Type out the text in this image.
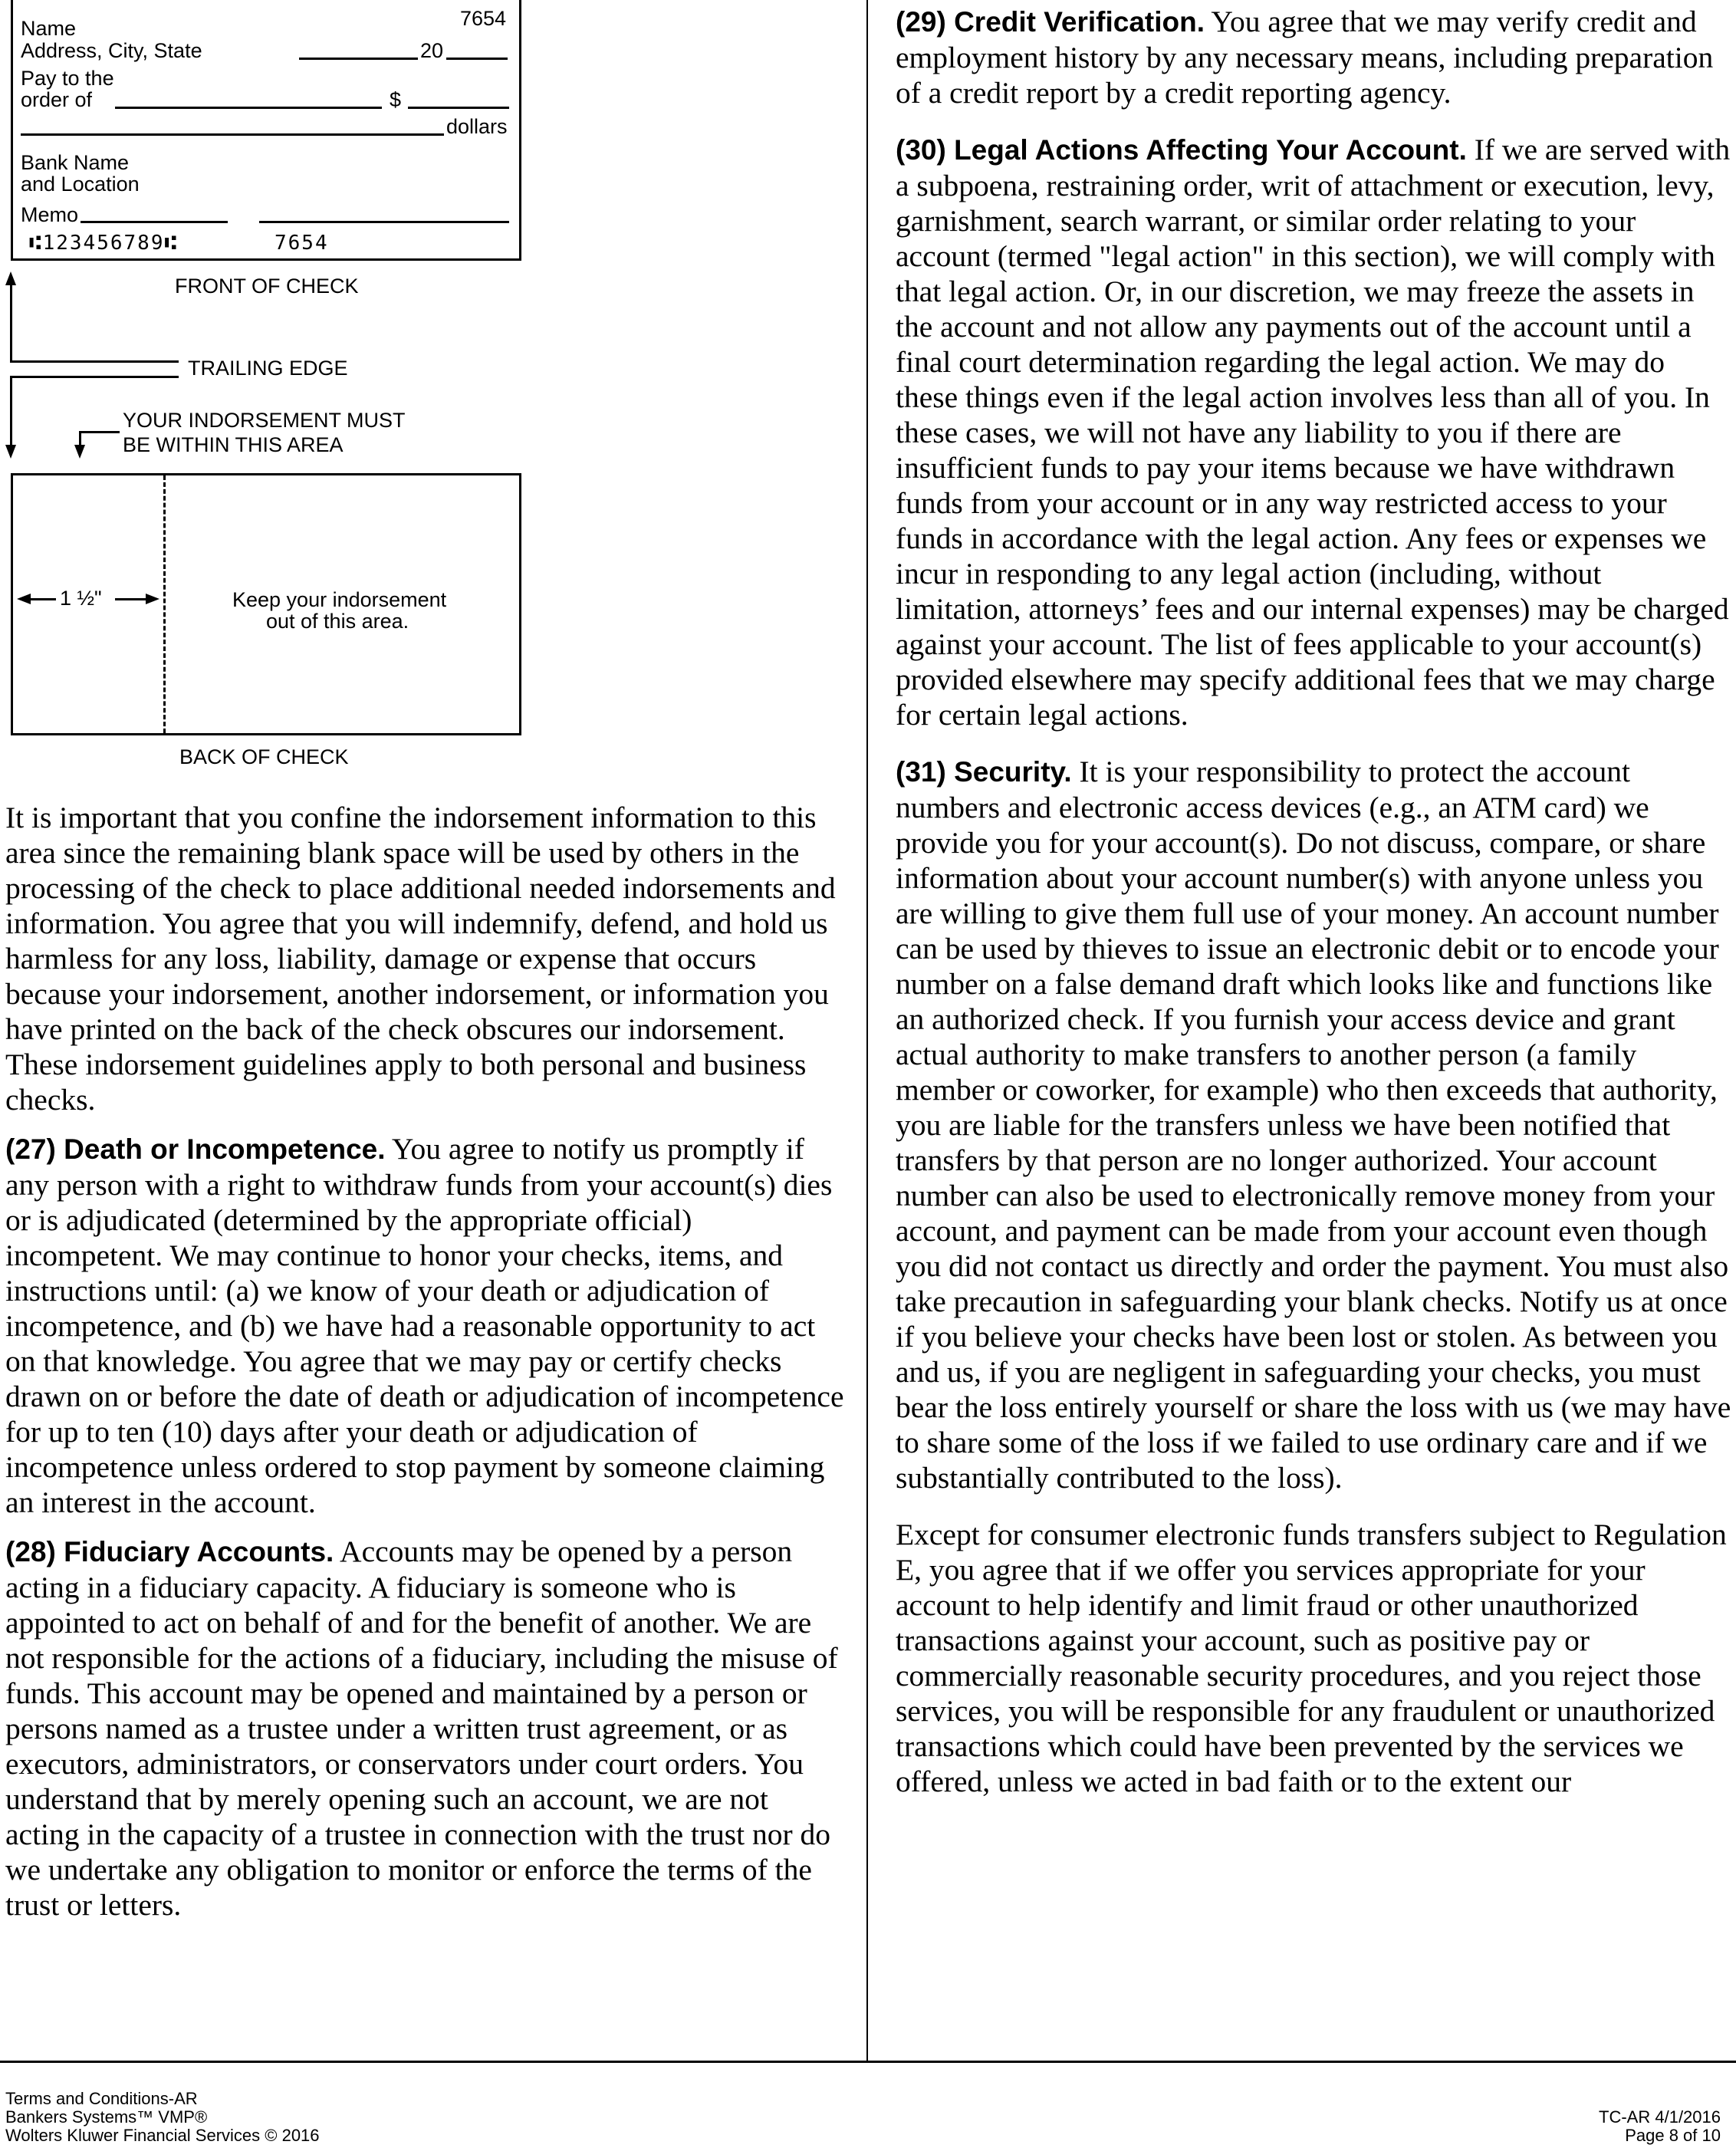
7654
Name
Address, City, State	20
Pay to the
order of	$
dollars
Bank Name
and Location
Memo
⑆123456789⑆	7654
FRONT OF CHECK
TRAILING EDGE
YOUR INDORSEMENT MUST
BE WITHIN THIS AREA
1 ½"	Keep your indorsement
out of this area.
BACK OF CHECK

It is important that you confine the indorsement information to this area since the remaining blank space will be used by others in the processing of the check to place additional needed indorsements and information. You agree that you will indemnify, defend, and hold us harmless for any loss, liability, damage or expense that occurs because your indorsement, another indorsement, or information you have printed on the back of the check obscures our indorsement. These indorsement guidelines apply to both personal and business checks.

(27) Death or Incompetence. You agree to notify us promptly if any person with a right to withdraw funds from your account(s) dies or is adjudicated (determined by the appropriate official) incompetent. We may continue to honor your checks, items, and instructions until: (a) we know of your death or adjudication of incompetence, and (b) we have had a reasonable opportunity to act on that knowledge. You agree that we may pay or certify checks drawn on or before the date of death or adjudication of incompetence for up to ten (10) days after your death or adjudication of incompetence unless ordered to stop payment by someone claiming an interest in the account.

(28) Fiduciary Accounts. Accounts may be opened by a person acting in a fiduciary capacity. A fiduciary is someone who is appointed to act on behalf of and for the benefit of another. We are not responsible for the actions of a fiduciary, including the misuse of funds. This account may be opened and maintained by a person or persons named as a trustee under a written trust agreement, or as executors, administrators, or conservators under court orders. You understand that by merely opening such an account, we are not acting in the capacity of a trustee in connection with the trust nor do we undertake any obligation to monitor or enforce the terms of the trust or letters.

(29) Credit Verification. You agree that we may verify credit and employment history by any necessary means, including preparation of a credit report by a credit reporting agency.

(30) Legal Actions Affecting Your Account. If we are served with a subpoena, restraining order, writ of attachment or execution, levy, garnishment, search warrant, or similar order relating to your account (termed "legal action" in this section), we will comply with that legal action. Or, in our discretion, we may freeze the assets in the account and not allow any payments out of the account until a final court determination regarding the legal action. We may do these things even if the legal action involves less than all of you. In these cases, we will not have any liability to you if there are insufficient funds to pay your items because we have withdrawn funds from your account or in any way restricted access to your funds in accordance with the legal action. Any fees or expenses we incur in responding to any legal action (including, without limitation, attorneys’ fees and our internal expenses) may be charged against your account. The list of fees applicable to your account(s) provided elsewhere may specify additional fees that we may charge for certain legal actions.

(31) Security. It is your responsibility to protect the account numbers and electronic access devices (e.g., an ATM card) we provide you for your account(s). Do not discuss, compare, or share information about your account number(s) with anyone unless you are willing to give them full use of your money. An account number can be used by thieves to issue an electronic debit or to encode your number on a false demand draft which looks like and functions like an authorized check. If you furnish your access device and grant actual authority to make transfers to another person (a family member or coworker, for example) who then exceeds that authority, you are liable for the transfers unless we have been notified that transfers by that person are no longer authorized. Your account number can also be used to electronically remove money from your account, and payment can be made from your account even though you did not contact us directly and order the payment. You must also take precaution in safeguarding your blank checks. Notify us at once if you believe your checks have been lost or stolen. As between you and us, if you are negligent in safeguarding your checks, you must bear the loss entirely yourself or share the loss with us (we may have to share some of the loss if we failed to use ordinary care and if we substantially contributed to the loss).

Except for consumer electronic funds transfers subject to Regulation E, you agree that if we offer you services appropriate for your account to help identify and limit fraud or other unauthorized transactions against your account, such as positive pay or commercially reasonable security procedures, and you reject those services, you will be responsible for any fraudulent or unauthorized transactions which could have been prevented by the services we offered, unless we acted in bad faith or to the extent our

Terms and Conditions-AR
Bankers Systems™ VMP®
Wolters Kluwer Financial Services © 2016
TC-AR 4/1/2016
Page 8 of 10
